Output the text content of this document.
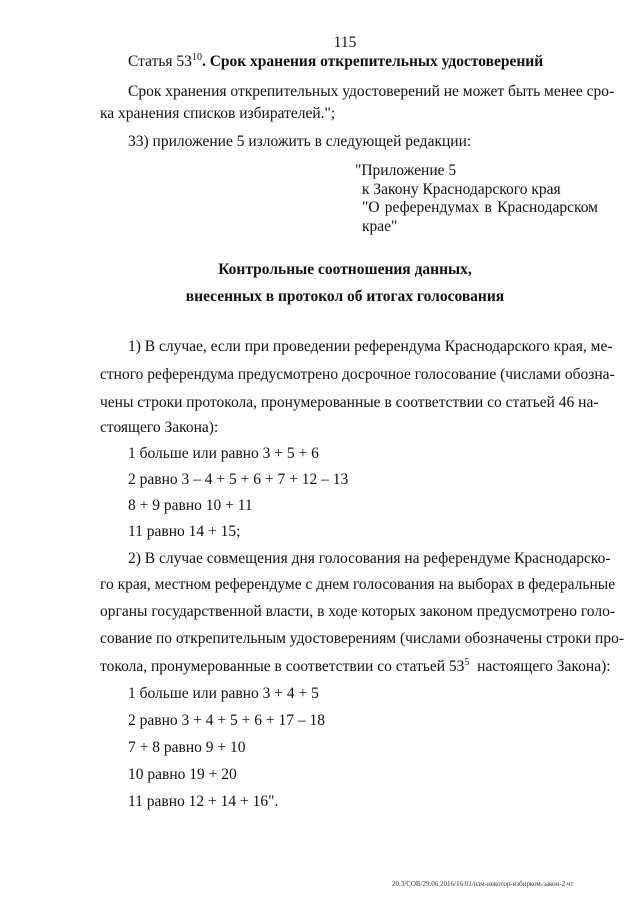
115
Статья $53^{10}$. Срок хранения открепительных удостоверений
Срок хранения открепительных удостоверений не может быть менее сро-
ка хранения списков избирателей.";
33) приложение 5 изложить в следующей редакции:
"Приложение 5
к Закону Краснодарского края
"О референдумах в Краснодарском
крае"
Контрольные соотношения данных,
внесенных в протокол об итогах голосования
1) В случае, если при проведении референдума Краснодарского края, ме-
стного референдума предусмотрено досрочное голосование (числами обозна-
чены строки протокола, пронумерованные в соответствии со статьей 46 на-
стоящего Закона):
1 больше или равно 3 + 5 + 6
2 равно 3 – 4 + 5 + 6 + 7 + 12 – 13
8 + 9 равно 10 + 11
11 равно 14 + 15;
2) В случае совмещения дня голосования на референдуме Краснодарско-
го края, местном референдуме с днем голосования на выборах в федеральные
органы государственной власти, в ходе которых законом предусмотрено голо-
сование по открепительным удостоверениям (числами обозначены строки про-
токола, пронумерованные в соответствии со статьей $53^5$  настоящего Закона):
1 больше или равно 3 + 4 + 5
2 равно 3 + 4 + 5 + 6 + 17 – 18
7 + 8 равно 9 + 10
10 равно 19 + 20
11 равно 12 + 14 + 16".
20.3/COB/29.06.2016/16:01/изм-некотор-избирком-закон-2 чт
